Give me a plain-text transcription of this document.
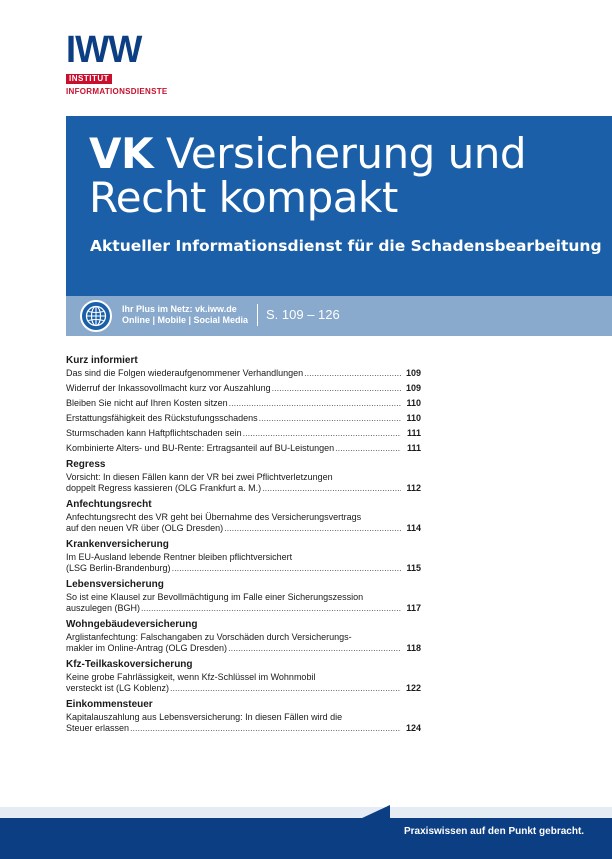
IWW
INSTITUT
INFORMATIONSDIENSTE
VK Versicherung und
Recht kompakt
Aktueller Informationsdienst für die Schadensbearbeitung
Ihr Plus im Netz: vk.iww.de
Online | Mobile | Social Media S. 109 – 126
Kurz informiert
Das sind die Folgen wiederaufgenommener Verhandlungen .....	109
Widerruf der Inkassovollmacht kurz vor Auszahlung .....	109
Bleiben Sie nicht auf Ihren Kosten sitzen .....	110
Erstattungsfähigkeit des Rückstufungsschadens .....	110
Sturmschaden kann Haftpflichtschaden sein .....	111
Kombinierte Alters- und BU-Rente: Ertragsanteil auf BU-Leistungen .....	111
Regress
Vorsicht: In diesen Fällen kann der VR bei zwei Pflichtverletzungen
doppelt Regress kassieren (OLG Frankfurt a. M.) .....	112
Anfechtungsrecht
Anfechtungsrecht des VR geht bei Übernahme des Versicherungsvertrags
auf den neuen VR über (OLG Dresden) .....	114
Krankenversicherung
Im EU-Ausland lebende Rentner bleiben pflichtversichert
(LSG Berlin-Brandenburg) .....	115
Lebensversicherung
So ist eine Klausel zur Bevollmächtigung im Falle einer Sicherungszession
auszulegen (BGH) .....	117
Wohngebäudeversicherung
Arglistanfechtung: Falschangaben zu Vorschäden durch Versicherungs-
makler im Online-Antrag (OLG Dresden) .....	118
Kfz-Teilkaskoversicherung
Keine grobe Fahrlässigkeit, wenn Kfz-Schlüssel im Wohnmobil
versteckt ist (LG Koblenz) .....	122
Einkommensteuer
Kapitalauszahlung aus Lebensversicherung: In diesen Fällen wird die
Steuer erlassen .....	124
Praxiswissen auf den Punkt gebracht.
